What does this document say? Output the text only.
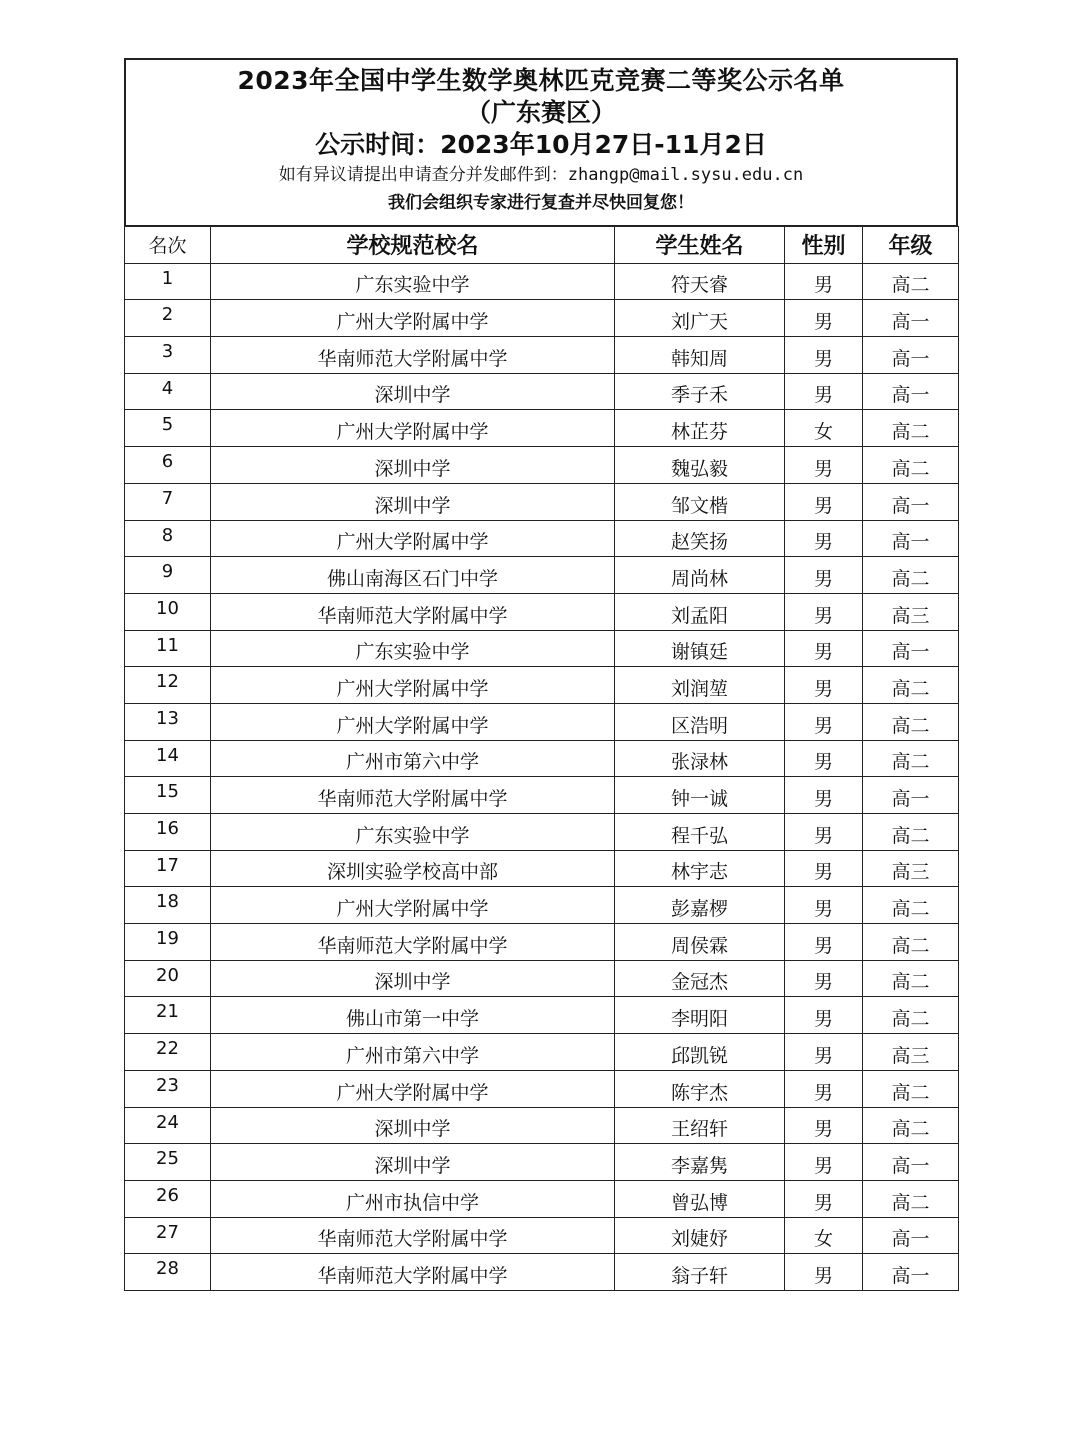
2023年全国中学生数学奥林匹克竞赛二等奖公示名单
（广东赛区）
公示时间：2023年10月27日-11月2日
如有异议请提出申请查分并发邮件到：zhangp@mail.sysu.edu.cn
我们会组织专家进行复查并尽快回复您！
名次	学校规范校名	学生姓名	性别	年级
1	广东实验中学	符天睿	男	高二
2	广州大学附属中学	刘广天	男	高一
3	华南师范大学附属中学	韩知周	男	高一
4	深圳中学	季子禾	男	高一
5	广州大学附属中学	林芷芬	女	高二
6	深圳中学	魏弘毅	男	高二
7	深圳中学	邹文楷	男	高一
8	广州大学附属中学	赵笑扬	男	高一
9	佛山南海区石门中学	周尚林	男	高二
10	华南师范大学附属中学	刘孟阳	男	高三
11	广东实验中学	谢镇廷	男	高一
12	广州大学附属中学	刘润堃	男	高二
13	广州大学附属中学	区浩明	男	高二
14	广州市第六中学	张渌林	男	高二
15	华南师范大学附属中学	钟一诚	男	高一
16	广东实验中学	程千弘	男	高二
17	深圳实验学校高中部	林宇志	男	高三
18	广州大学附属中学	彭嘉椤	男	高二
19	华南师范大学附属中学	周侯霖	男	高二
20	深圳中学	金冠杰	男	高二
21	佛山市第一中学	李明阳	男	高二
22	广州市第六中学	邱凯锐	男	高三
23	广州大学附属中学	陈宇杰	男	高二
24	深圳中学	王绍轩	男	高二
25	深圳中学	李嘉隽	男	高一
26	广州市执信中学	曾弘博	男	高二
27	华南师范大学附属中学	刘婕妤	女	高一
28	华南师范大学附属中学	翁子轩	男	高一
